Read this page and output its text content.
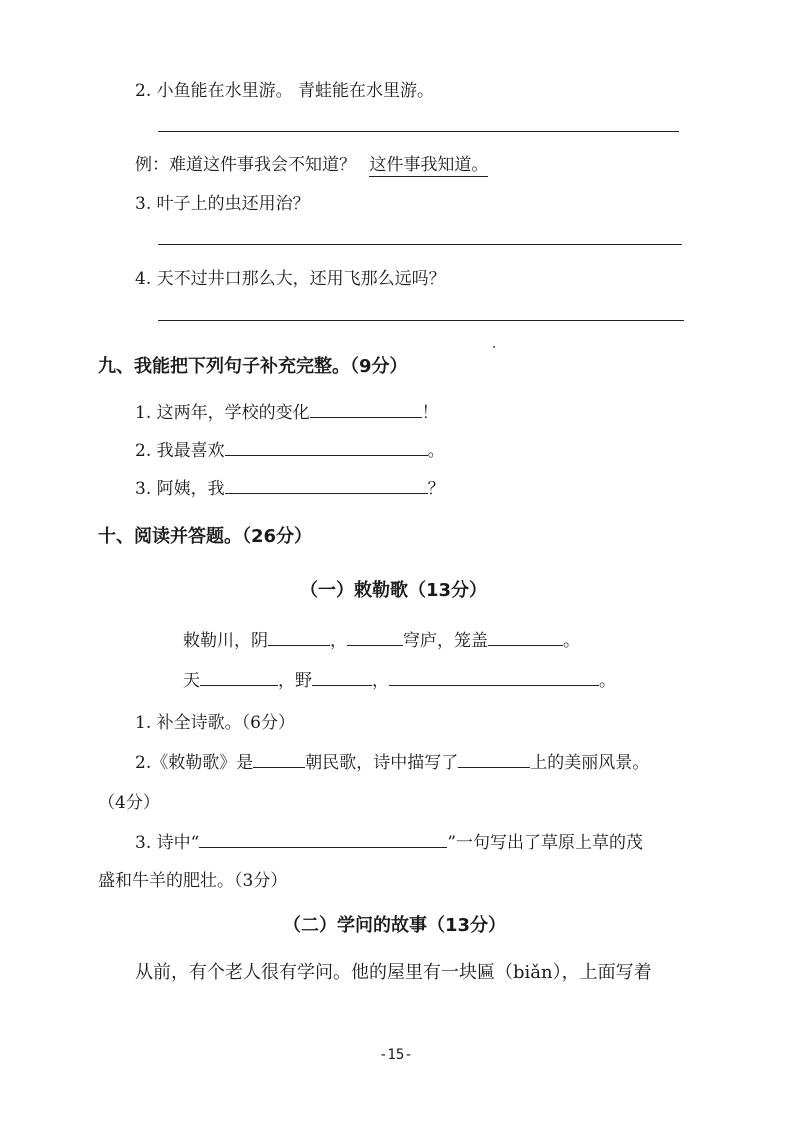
2. 小鱼能在水里游。 青蛙能在水里游。
例：难道这件事我会不知道？ 这件事我知道。
3. 叶子上的虫还用治？
4. 天不过井口那么大，还用飞那么远吗？
九、我能把下列句子补充完整。（9分）
1. 这两年，学校的变化	！
2. 我最喜欢	。
3. 阿姨，我	？
十、阅读并答题。（26分）
（一）敕勒歌（13分）
敕勒川，阴	，	穹庐，笼盖	。
天	，野	，	。
1. 补全诗歌。（6分）
2.《敕勒歌》是	朝民歌，诗中描写了	上的美丽风景。
（4分）
3. 诗中“	”一句写出了草原上草的茂
盛和牛羊的肥壮。（3分）
（二）学问的故事（13分）
从前，有个老人很有学问。他的屋里有一块匾（biǎn），上面写着
-15-
